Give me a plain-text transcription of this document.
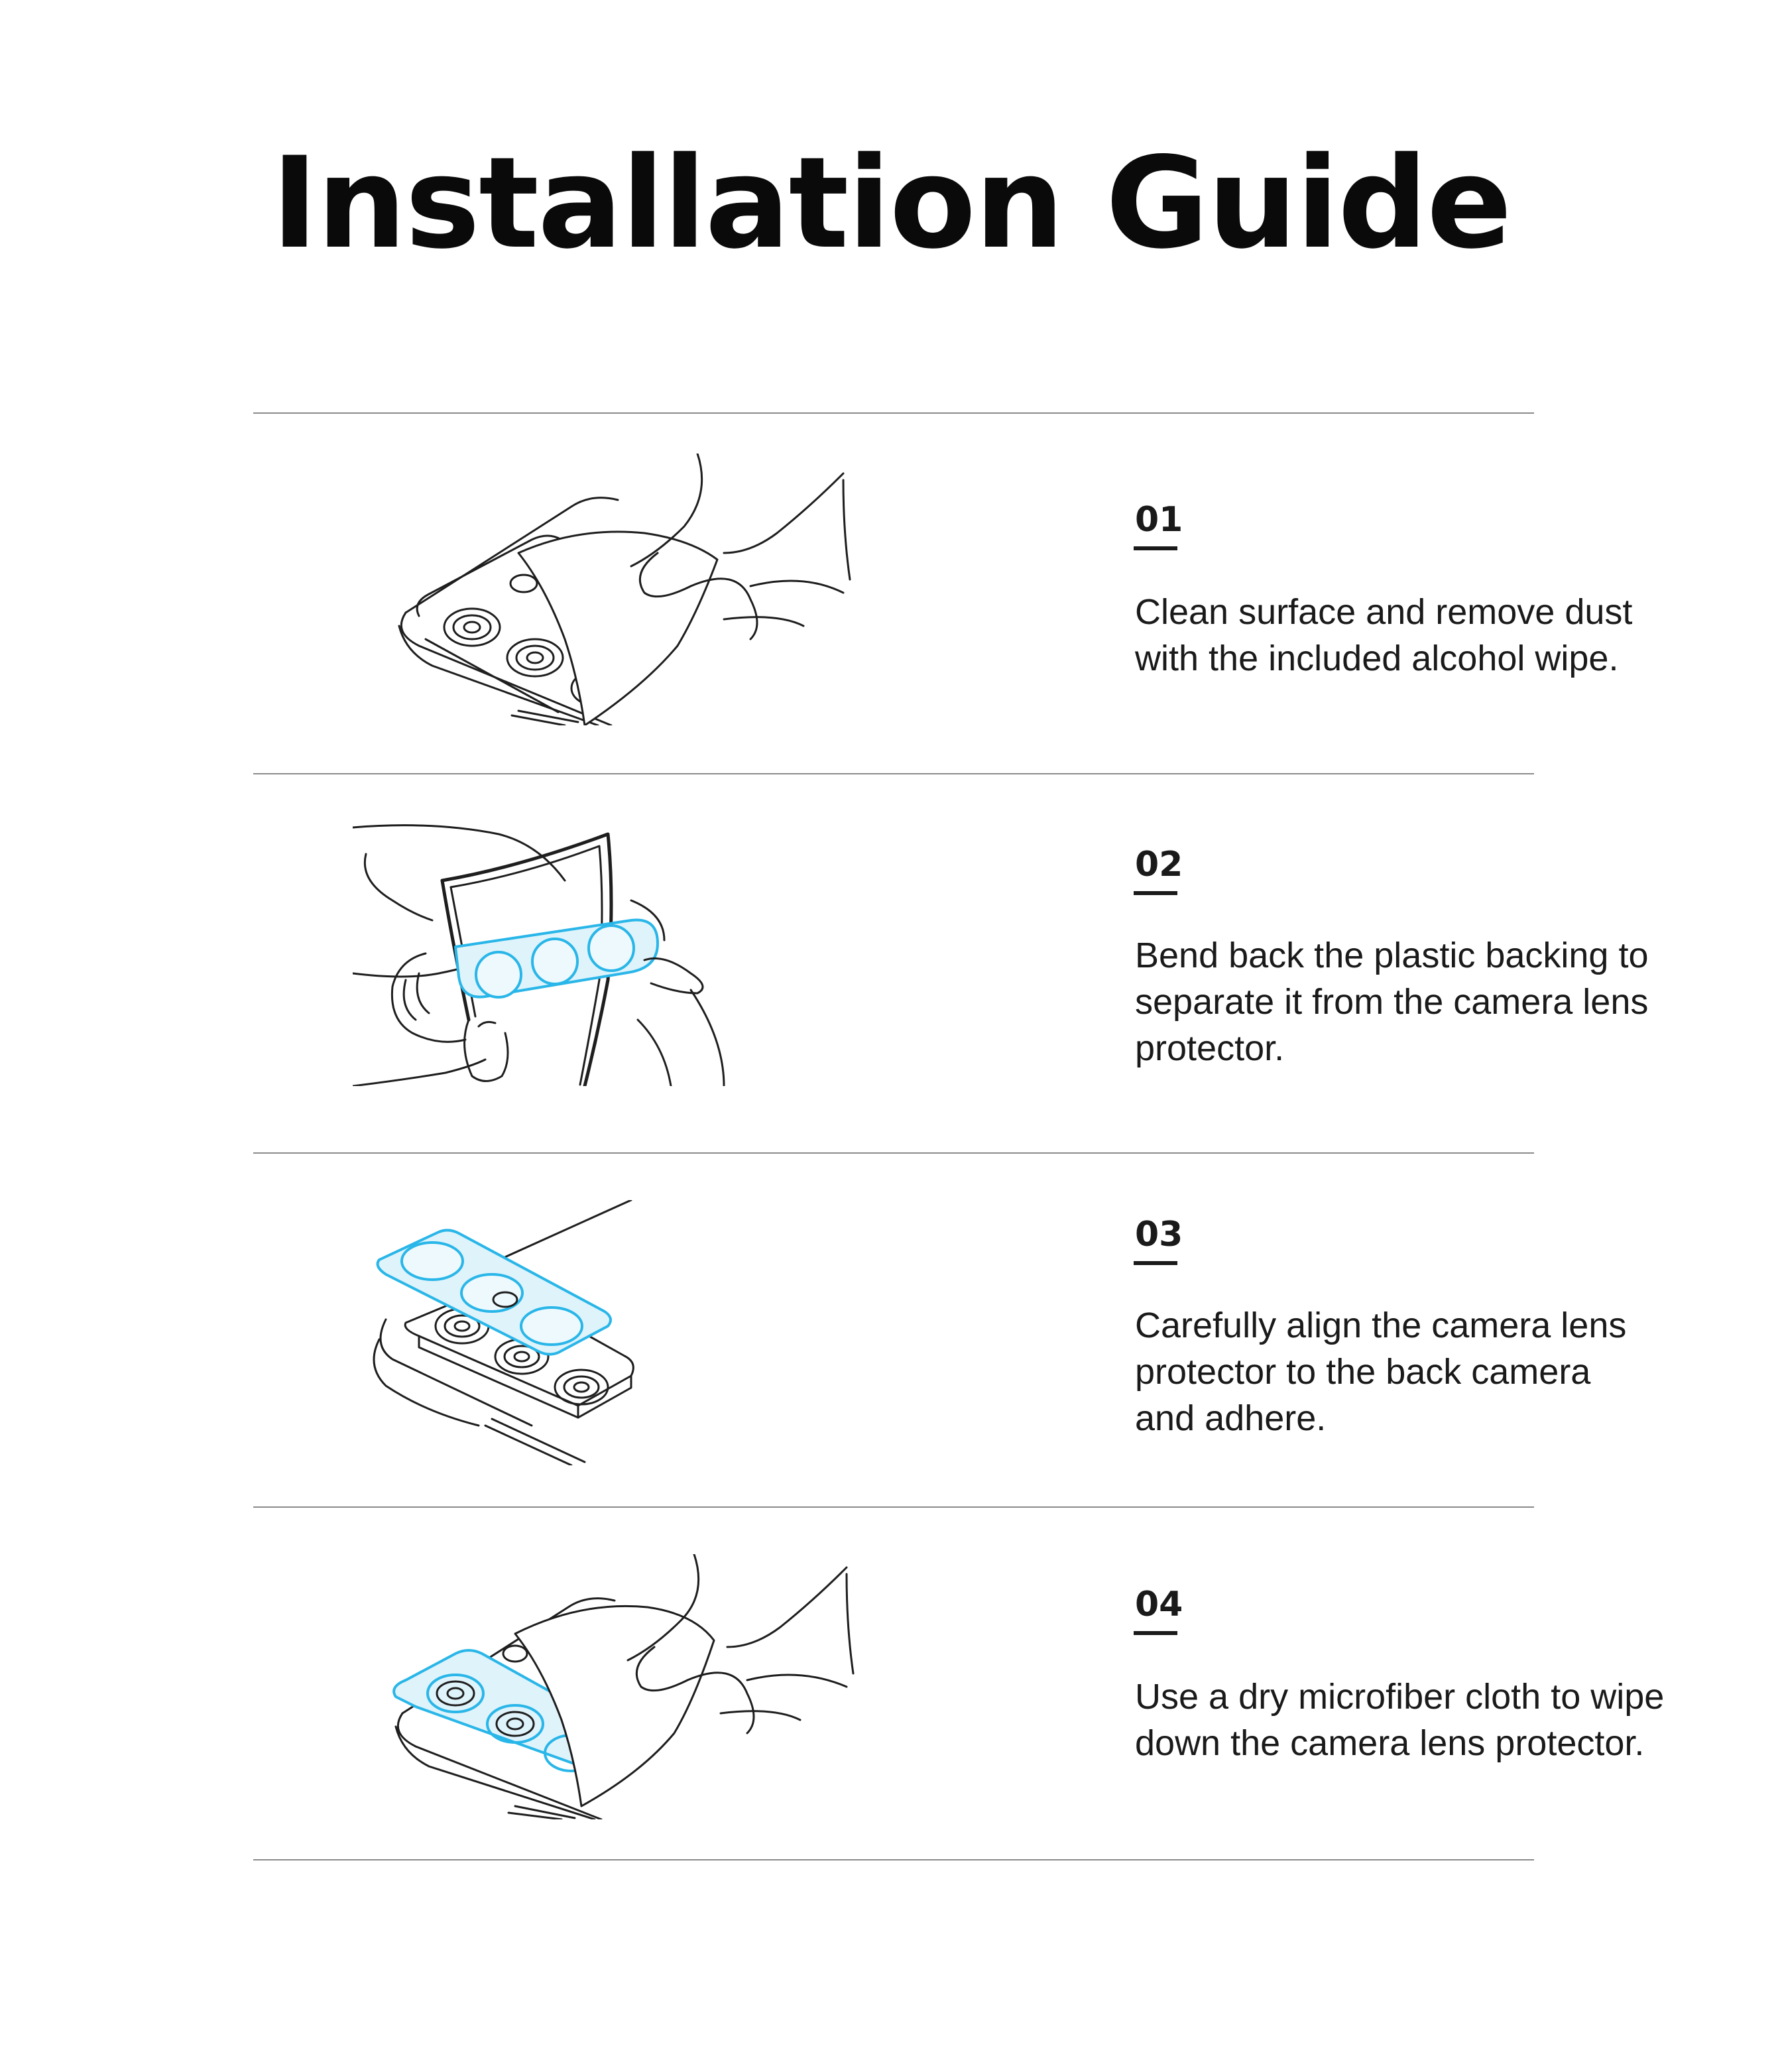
Installation Guide
01
Clean surface and remove dust
with the included alcohol wipe.
02
Bend back the plastic backing to
separate it from the camera lens
protector.
03
Carefully align the camera lens
protector to the back camera
and adhere.
04
Use a dry microfiber cloth to wipe
down the camera lens protector.
